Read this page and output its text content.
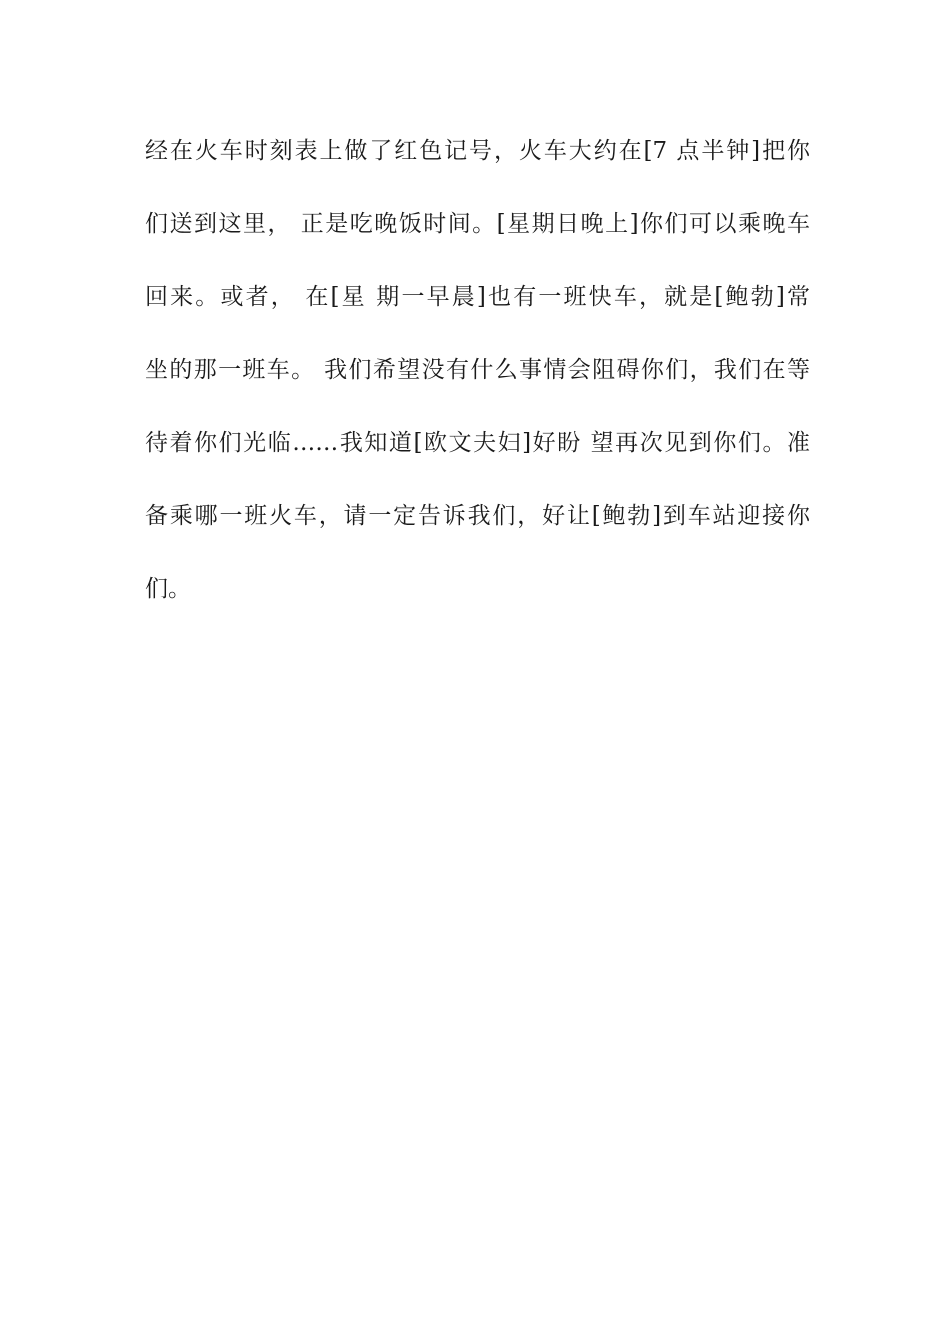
经在火车时刻表上做了红色记号，火车大约在[7 点半钟]把你
们送到这里， 正是吃晚饭时间。[星期日晚上]你们可以乘晚车
回来。或者， 在[星 期一早晨]也有一班快车，就是[鲍勃]常
坐的那一班车。 我们希望没有什么事情会阻碍你们，我们在等
待着你们光临……我知道[欧文夫妇]好盼 望再次见到你们。准
备乘哪一班火车，请一定告诉我们，好让[鲍勃]到车站迎接你
们。
